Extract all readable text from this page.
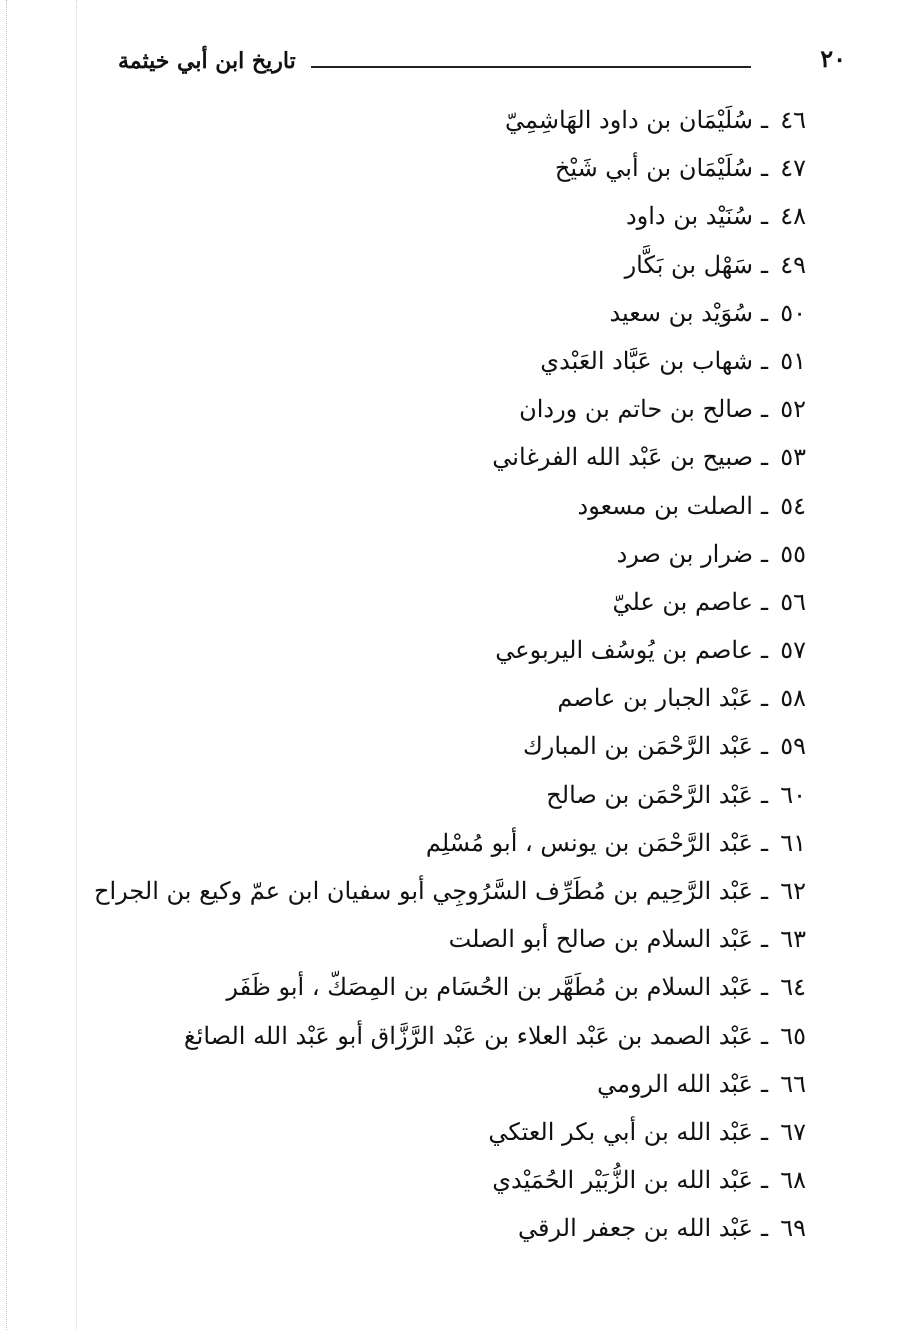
٢٠
تاريخ ابن أبي خيثمة
٤٦ـسُلَيْمَان بن داود الهَاشِمِيّ
٤٧ـسُلَيْمَان بن أبي شَيْخ
٤٨ـسُنَيْد بن داود
٤٩ـسَهْل بن بَكَّار
٥٠ـسُوَيْد بن سعيد
٥١ـشهاب بن عَبَّاد العَبْدي
٥٢ـصالح بن حاتم بن وردان
٥٣ـصبيح بن عَبْد الله الفرغاني
٥٤ـالصلت بن مسعود
٥٥ـضرار بن صرد
٥٦ـعاصم بن عليّ
٥٧ـعاصم بن يُوسُف اليربوعي
٥٨ـعَبْد الجبار بن عاصم
٥٩ـعَبْد الرَّحْمَن بن المبارك
٦٠ـعَبْد الرَّحْمَن بن صالح
٦١ـعَبْد الرَّحْمَن بن يونس ، أبو مُسْلِم
٦٢ـعَبْد الرَّحِيم بن مُطَرِّف السَّرُوجِي أبو سفيان ابن عمّ وكيع بن الجراح
٦٣ـعَبْد السلام بن صالح أبو الصلت
٦٤ـعَبْد السلام بن مُطَهَّر بن الحُسَام بن المِصَكّ ، أبو ظَفَر
٦٥ـعَبْد الصمد بن عَبْد العلاء بن عَبْد الرَّزَّاق أبو عَبْد الله الصائغ
٦٦ـعَبْد الله الرومي
٦٧ـعَبْد الله بن أبي بكر العتكي
٦٨ـعَبْد الله بن الزُّبَيْر الحُمَيْدي
٦٩ـعَبْد الله بن جعفر الرقي
